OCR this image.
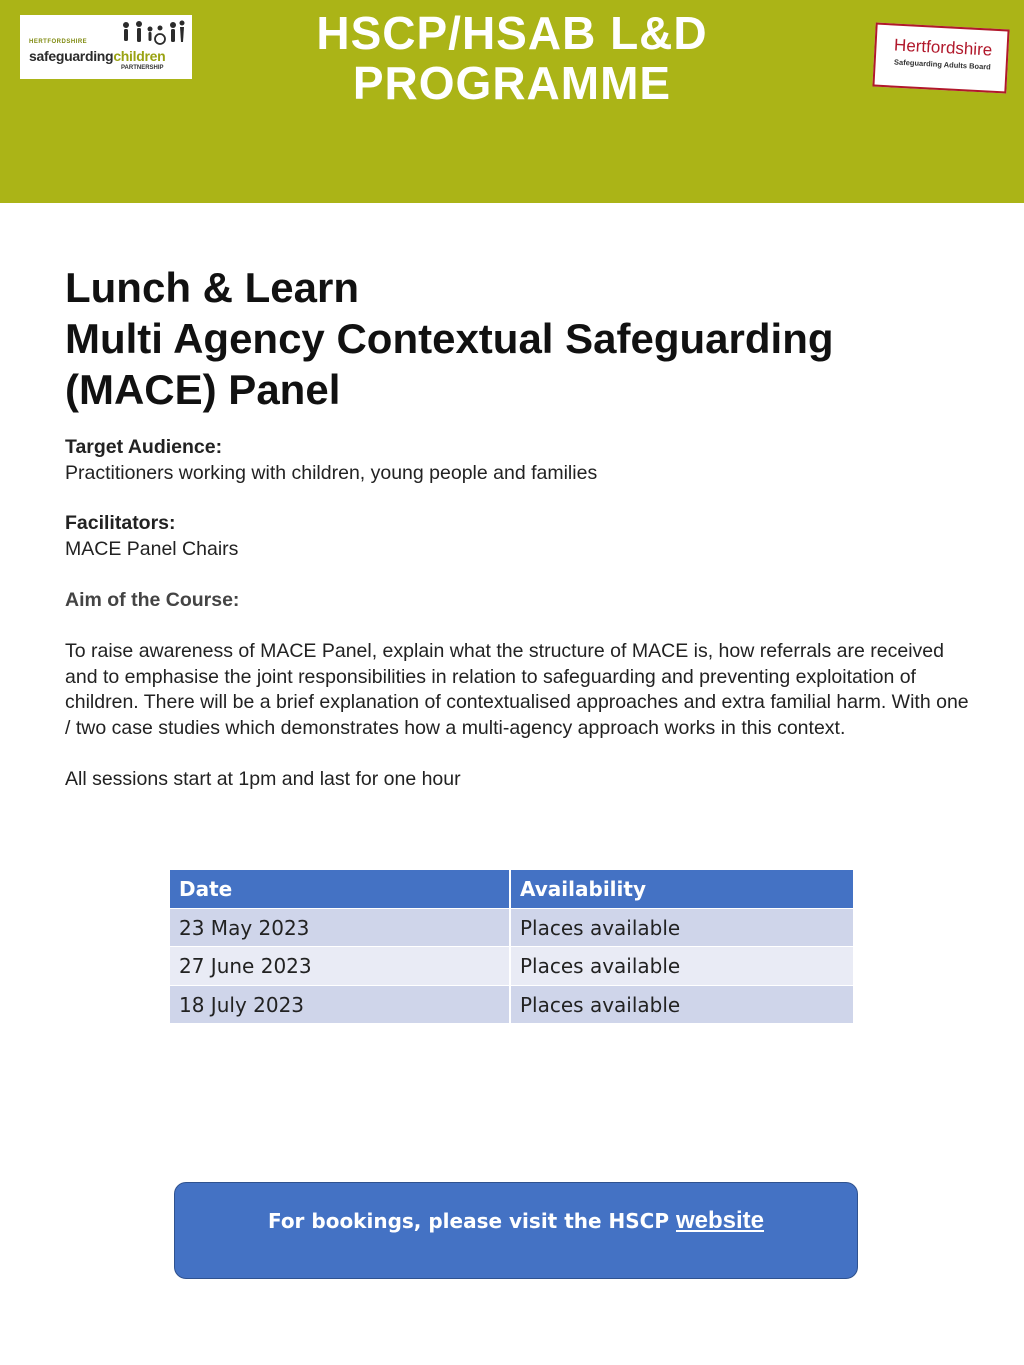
HSCP/HSAB L&D
PROGRAMME
HERTFORDSHIRE
safeguardingchildren
PARTNERSHIP
Hertfordshire
Safeguarding Adults Board
Lunch & Learn
Multi Agency Contextual Safeguarding
(MACE) Panel
Target Audience:
Practitioners working with children, young people and families
Facilitators:
MACE Panel Chairs
Aim of the Course:
To raise awareness of MACE Panel, explain what the structure of MACE is, how referrals are received and to emphasise the joint responsibilities in relation to safeguarding and preventing exploitation of children. There will be a brief explanation of contextualised approaches and extra familial harm. With one / two case studies which demonstrates how a multi-agency approach works in this context.
All sessions start at 1pm and last for one hour
Date	Availability
23 May 2023	Places available
27 June 2023	Places available
18 July 2023	Places available
For bookings, please visit the HSCP website
